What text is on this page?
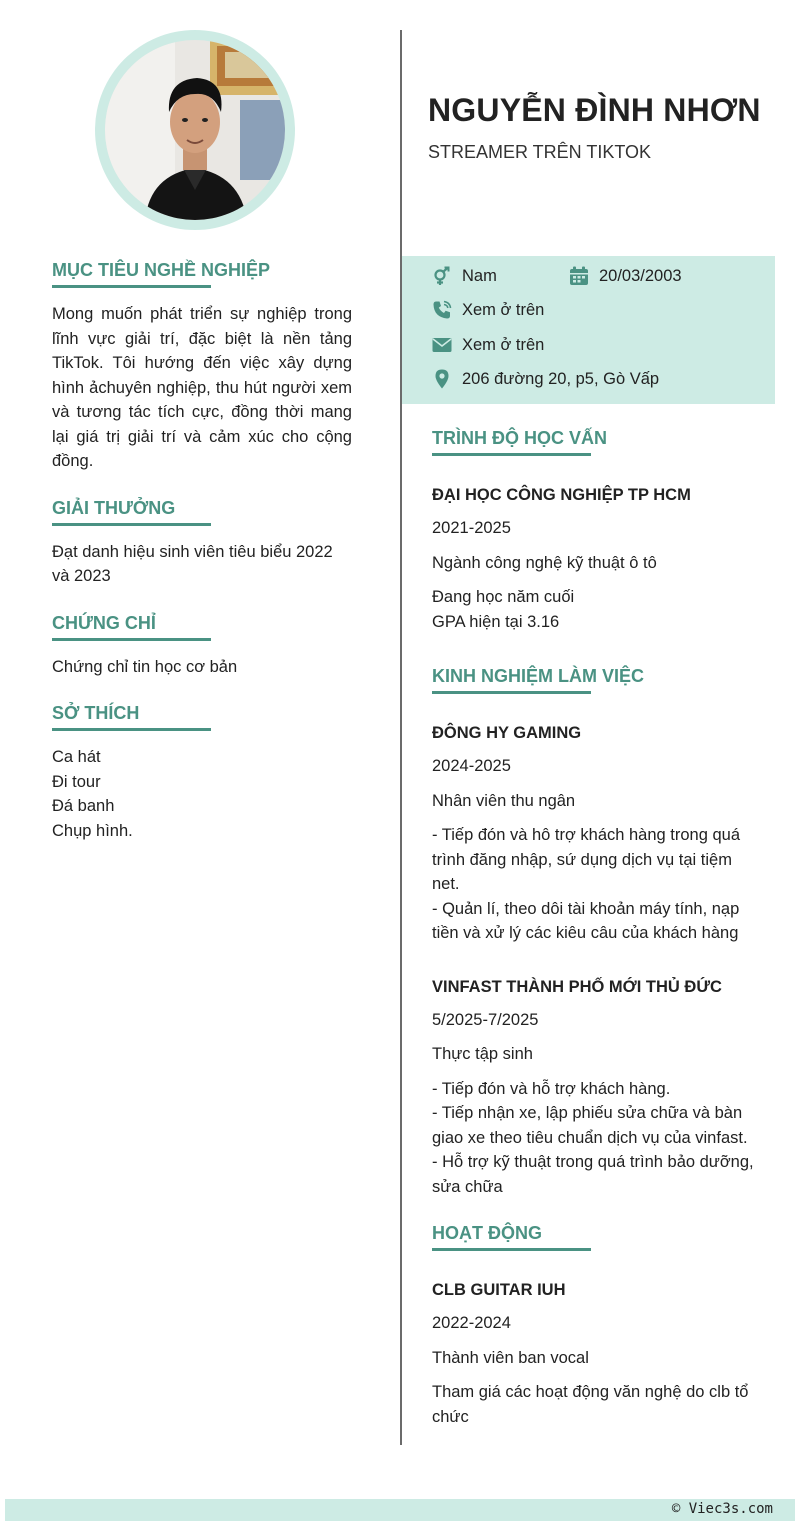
MỤC TIÊU NGHỀ NGHIỆP
Mong muốn phát triển sự nghiệp trong lĩnh vực giải trí, đặc biệt là nền tảng TikTok. Tôi hướng đến việc xây dựng hình ảchuyên nghiệp, thu hút người xem và tương tác tích cực, đồng thời mang lại giá trị giải trí và cảm xúc cho cộng đồng.
GIẢI THƯỞNG
Đạt danh hiệu sinh viên tiêu biểu 2022 và 2023
CHỨNG CHỈ
Chứng chỉ tin học cơ bản
SỞ THÍCH
Ca hát
Đi tour
Đá banh
Chụp hình.
NGUYỄN ĐÌNH NHƠN
STREAMER TRÊN TIKTOK
Nam	20/03/2003
Xem ở trên
Xem ở trên
206 đường 20, p5, Gò Vấp
TRÌNH ĐỘ HỌC VẤN
ĐẠI HỌC CÔNG NGHIỆP TP HCM
2021-2025
Ngành công nghệ kỹ thuật ô tô
Đang học năm cuối
GPA hiện tại 3.16
KINH NGHIỆM LÀM VIỆC
ĐÔNG HY GAMING
2024-2025
Nhân viên thu ngân
- Tiếp đón và hô trợ khách hàng trong quá trình đăng nhập, sứ dụng dịch vụ tại tiệm net.
- Quản lí, theo dôi tài khoản máy tính, nạp tiền và xử lý các kiêu câu của khách hàng
VINFAST THÀNH PHỐ MỚI THỦ ĐỨC
5/2025-7/2025
Thực tập sinh
- Tiếp đón và hỗ trợ khách hàng.
- Tiếp nhận xe, lập phiếu sửa chữa và bàn giao xe theo tiêu chuẩn dịch vụ của vinfast.
- Hỗ trợ kỹ thuật trong quá trình bảo dưỡng, sửa chữa
HOẠT ĐỘNG
CLB GUITAR IUH
2022-2024
Thành viên ban vocal
Tham giá các hoạt động văn nghệ do clb tổ chức
© Viec3s.com
